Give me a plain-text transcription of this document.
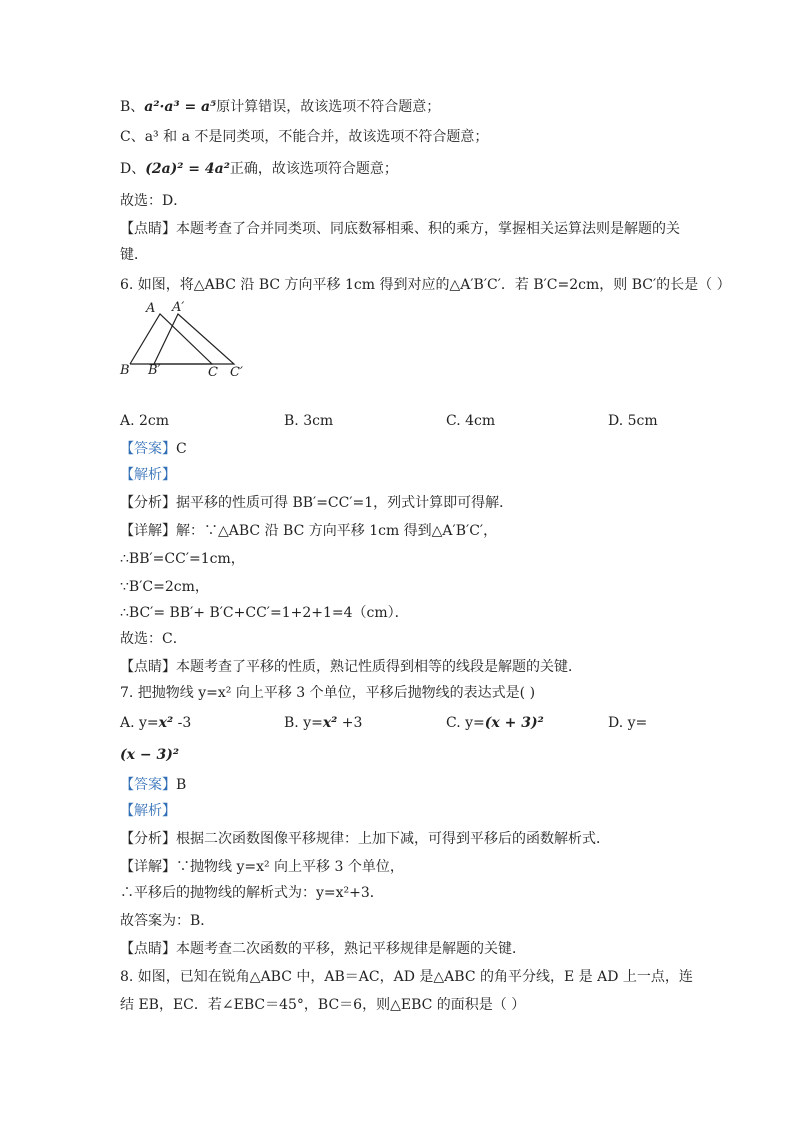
B、a²·a³ = a⁵原计算错误，故该选项不符合题意；
C、a³ 和 a 不是同类项，不能合并，故该选项不符合题意；
D、(2a)² = 4a²正确，故该选项符合题意；
故选：D．
【点睛】本题考查了合并同类项、同底数幂相乘、积的乘方，掌握相关运算法则是解题的关
键．
6. 如图，将△ABC 沿 BC 方向平移 1cm 得到对应的△A′B′C′．若 B′C=2cm，则 BC′的长是（ ）
A A′
B B′	C C′
A. 2cm	B. 3cm	C. 4cm	D. 5cm
【答案】C
【解析】
【分析】据平移的性质可得 BB′=CC′=1，列式计算即可得解．
【详解】解：∵△ABC 沿 BC 方向平移 1cm 得到△A′B′C′，
∴BB′=CC′=1cm，
∵B′C=2cm，
∴BC′= BB′+ B′C+CC′=1+2+1=4（cm）．
故选：C．
【点睛】本题考查了平移的性质，熟记性质得到相等的线段是解题的关键．
7. 把抛物线 y=x² 向上平移 3 个单位，平移后抛物线的表达式是( )
A. y=x² -3	B. y=x² +3	C. y=(x + 3)²	D. y=
(x − 3)²
【答案】B
【解析】
【分析】根据二次函数图像平移规律：上加下减，可得到平移后的函数解析式．
【详解】∵抛物线 y=x² 向上平移 3 个单位，
∴平移后的抛物线的解析式为：y=x²+3．
故答案为：B．
【点睛】本题考查二次函数的平移，熟记平移规律是解题的关键．
8. 如图，已知在锐角△ABC 中，AB＝AC，AD 是△ABC 的角平分线，E 是 AD 上一点，连
结 EB，EC．若∠EBC＝45°，BC＝6，则△EBC 的面积是（ ）
